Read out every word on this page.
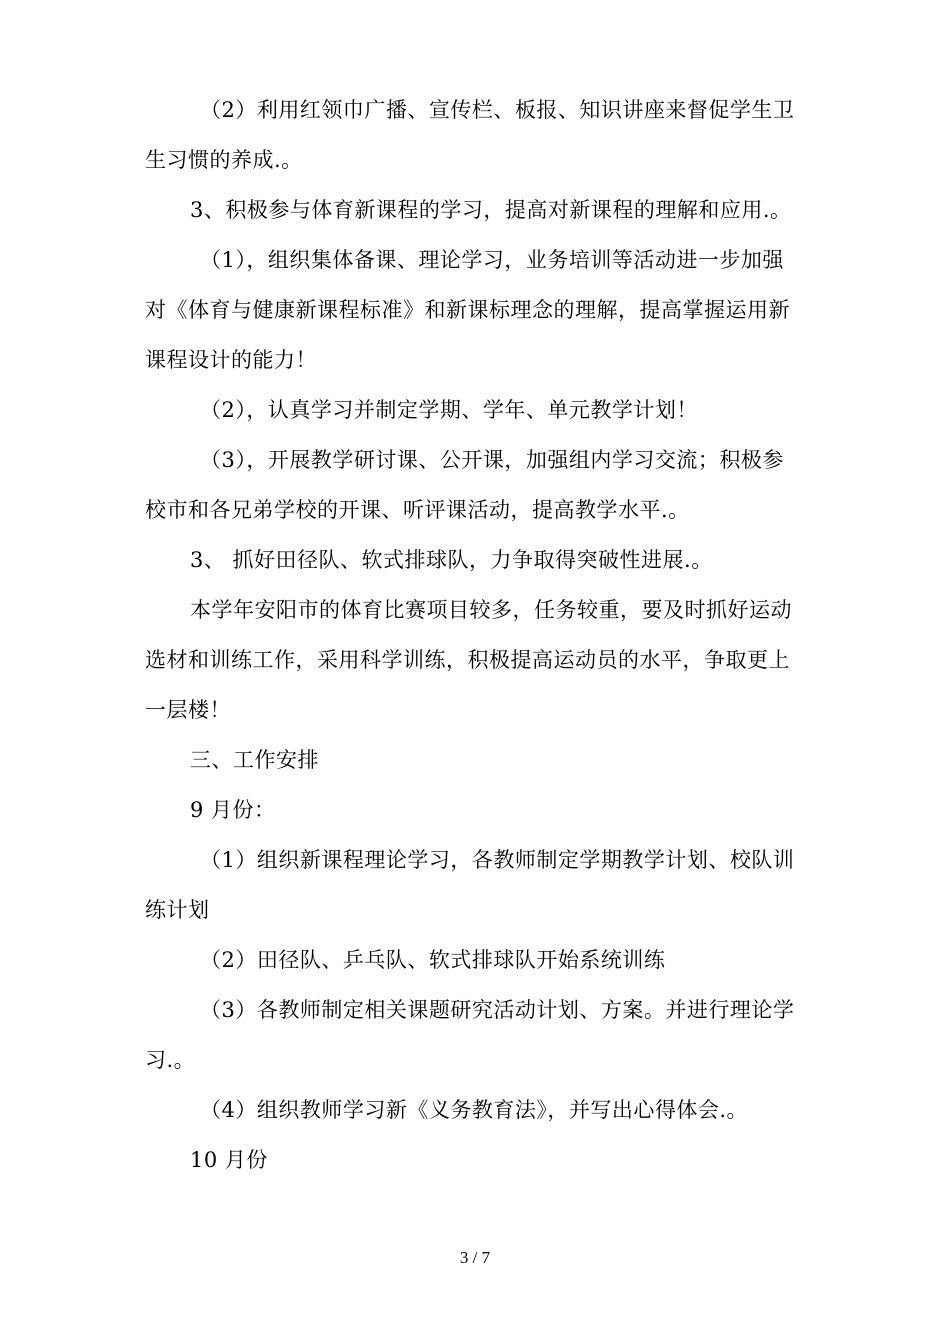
（2）利用红领巾广播、宣传栏、板报、知识讲座来督促学生卫
生习惯的养成.。
3、积极参与体育新课程的学习，提高对新课程的理解和应用.。
（1），组织集体备课、理论学习，业务培训等活动进一步加强
对《体育与健康新课程标准》和新课标理念的理解，提高掌握运用新
课程设计的能力！
（2），认真学习并制定学期、学年、单元教学计划！
（3），开展教学研讨课、公开课，加强组内学习交流；积极参
校市和各兄弟学校的开课、听评课活动，提高教学水平.。
3、 抓好田径队、软式排球队，力争取得突破性进展.。
本学年安阳市的体育比赛项目较多，任务较重，要及时抓好运动
选材和训练工作，采用科学训练，积极提高运动员的水平，争取更上
一层楼！
三、工作安排
9 月份：
（1）组织新课程理论学习，各教师制定学期教学计划、校队训
练计划
（2）田径队、乒乓队、软式排球队开始系统训练
（3）各教师制定相关课题研究活动计划、方案。并进行理论学
习.。
（4）组织教师学习新《义务教育法》，并写出心得体会.。
10 月份
3 / 7
